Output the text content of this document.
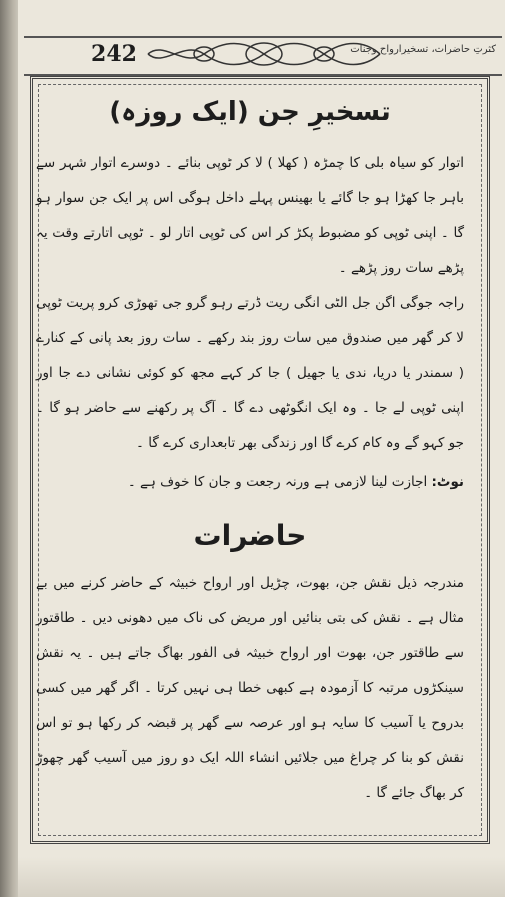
242	کثرتِ حاضرات، تسخیرِارواح وجنات
تسخیرِ جن (ایک روزہ)

اتوار کو سیاہ بلی کا چمڑہ ( کھلا ) لا کر ٹوپی بنائے ۔ دوسرے اتوار شہر سے باہر جا کھڑا ہو جا گائے یا بھینس پہلے داخل ہوگی اس پر ایک جن سوار ہو گا ۔ اپنی ٹوپی کو مضبوط پکڑ کر اس کی ٹوپی اتار لو ۔ ٹوپی اتارتے وقت یہ پڑھے سات روز پڑھے ۔

راجہ جوگی اگن جل الٹی انگی ریت ڈرتے رہو گرو جی تھوڑی کرو پریت ٹوپی لا کر گھر میں صندوق میں سات روز بند رکھے ۔ سات روز بعد پانی کے کنارے ( سمندر یا دریا، ندی یا جھیل ) جا کر کہے مجھ کو کوئی نشانی دے جا اور اپنی ٹوپی لے جا ۔ وہ ایک انگوٹھی دے گا ۔ آگ پر رکھنے سے حاضر ہو گا ۔ جو کہو گے وہ کام کرے گا اور زندگی بھر تابعداری کرے گا ۔

نوٹ: اجازت لینا لازمی ہے ورنہ رجعت و جان کا خوف ہے ۔

حاضرات

مندرجہ ذیل نقش جن، بھوت، چڑیل اور ارواح خبیثہ کے حاضر کرنے میں بے مثال ہے ۔ نقش کی بتی بنائیں اور مریض کی ناک میں دھونی دیں ۔ طاقتور سے طاقتور جن، بھوت اور ارواح خبیثہ فی الفور بھاگ جاتے ہیں ۔ یہ نقش سینکڑوں مرتبہ کا آزمودہ ہے کبھی خطا ہی نہیں کرتا ۔ اگر گھر میں کسی بدروح یا آسیب کا سایہ ہو اور عرصہ سے گھر پر قبضہ کر رکھا ہو تو اس نقش کو بنا کر چراغ میں جلائیں انشاء اللہ ایک دو روز میں آسیب گھر چھوڑ کر بھاگ جائے گا ۔
